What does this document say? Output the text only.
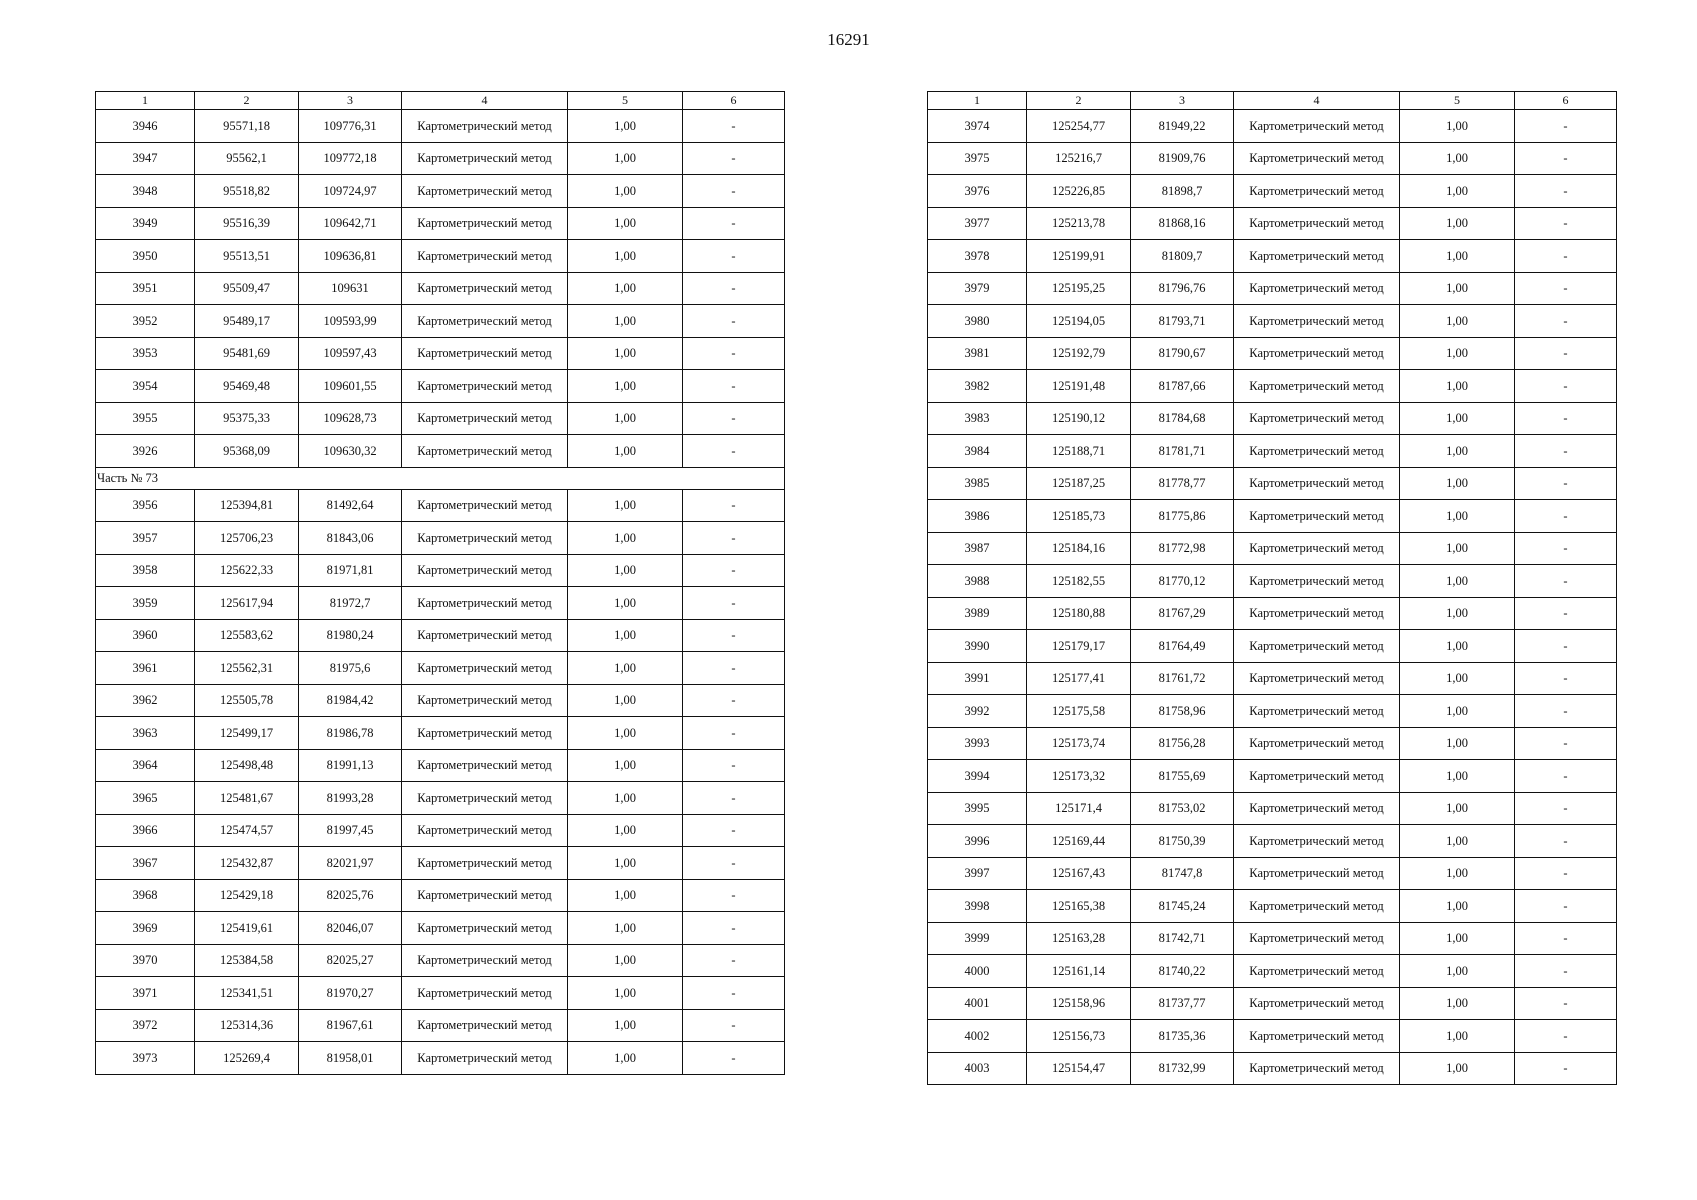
16291
1	2	3	4	5	6
3946	95571,18	109776,31	Картометрический метод	1,00	-
3947	95562,1	109772,18	Картометрический метод	1,00	-
3948	95518,82	109724,97	Картометрический метод	1,00	-
3949	95516,39	109642,71	Картометрический метод	1,00	-
3950	95513,51	109636,81	Картометрический метод	1,00	-
3951	95509,47	109631	Картометрический метод	1,00	-
3952	95489,17	109593,99	Картометрический метод	1,00	-
3953	95481,69	109597,43	Картометрический метод	1,00	-
3954	95469,48	109601,55	Картометрический метод	1,00	-
3955	95375,33	109628,73	Картометрический метод	1,00	-
3926	95368,09	109630,32	Картометрический метод	1,00	-
Часть № 73					
3956	125394,81	81492,64	Картометрический метод	1,00	-
3957	125706,23	81843,06	Картометрический метод	1,00	-
3958	125622,33	81971,81	Картометрический метод	1,00	-
3959	125617,94	81972,7	Картометрический метод	1,00	-
3960	125583,62	81980,24	Картометрический метод	1,00	-
3961	125562,31	81975,6	Картометрический метод	1,00	-
3962	125505,78	81984,42	Картометрический метод	1,00	-
3963	125499,17	81986,78	Картометрический метод	1,00	-
3964	125498,48	81991,13	Картометрический метод	1,00	-
3965	125481,67	81993,28	Картометрический метод	1,00	-
3966	125474,57	81997,45	Картометрический метод	1,00	-
3967	125432,87	82021,97	Картометрический метод	1,00	-
3968	125429,18	82025,76	Картометрический метод	1,00	-
3969	125419,61	82046,07	Картометрический метод	1,00	-
3970	125384,58	82025,27	Картометрический метод	1,00	-
3971	125341,51	81970,27	Картометрический метод	1,00	-
3972	125314,36	81967,61	Картометрический метод	1,00	-
3973	125269,4	81958,01	Картометрический метод	1,00	-
1	2	3	4	5	6
3974	125254,77	81949,22	Картометрический метод	1,00	-
3975	125216,7	81909,76	Картометрический метод	1,00	-
3976	125226,85	81898,7	Картометрический метод	1,00	-
3977	125213,78	81868,16	Картометрический метод	1,00	-
3978	125199,91	81809,7	Картометрический метод	1,00	-
3979	125195,25	81796,76	Картометрический метод	1,00	-
3980	125194,05	81793,71	Картометрический метод	1,00	-
3981	125192,79	81790,67	Картометрический метод	1,00	-
3982	125191,48	81787,66	Картометрический метод	1,00	-
3983	125190,12	81784,68	Картометрический метод	1,00	-
3984	125188,71	81781,71	Картометрический метод	1,00	-
3985	125187,25	81778,77	Картометрический метод	1,00	-
3986	125185,73	81775,86	Картометрический метод	1,00	-
3987	125184,16	81772,98	Картометрический метод	1,00	-
3988	125182,55	81770,12	Картометрический метод	1,00	-
3989	125180,88	81767,29	Картометрический метод	1,00	-
3990	125179,17	81764,49	Картометрический метод	1,00	-
3991	125177,41	81761,72	Картометрический метод	1,00	-
3992	125175,58	81758,96	Картометрический метод	1,00	-
3993	125173,74	81756,28	Картометрический метод	1,00	-
3994	125173,32	81755,69	Картометрический метод	1,00	-
3995	125171,4	81753,02	Картометрический метод	1,00	-
3996	125169,44	81750,39	Картометрический метод	1,00	-
3997	125167,43	81747,8	Картометрический метод	1,00	-
3998	125165,38	81745,24	Картометрический метод	1,00	-
3999	125163,28	81742,71	Картометрический метод	1,00	-
4000	125161,14	81740,22	Картометрический метод	1,00	-
4001	125158,96	81737,77	Картометрический метод	1,00	-
4002	125156,73	81735,36	Картометрический метод	1,00	-
4003	125154,47	81732,99	Картометрический метод	1,00	-
